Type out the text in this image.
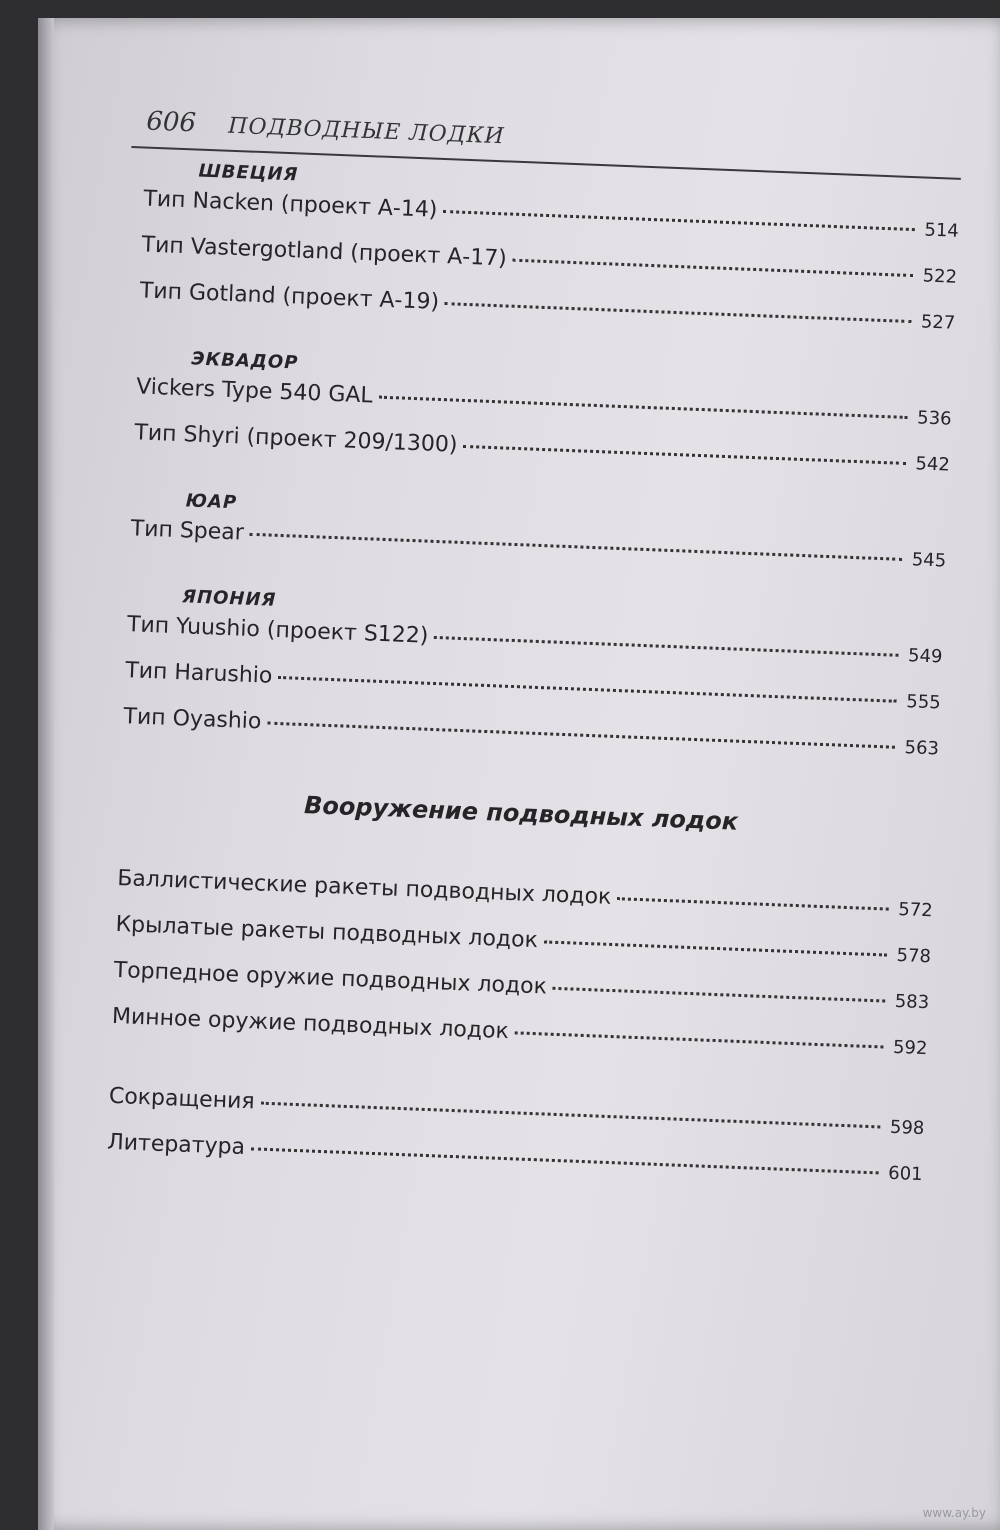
606 ПОДВОДНЫЕ ЛОДКИ
ШВЕЦИЯ
Тип Nacken (проект А-14)
514
Тип Vastergotland (проект А-17)
522
Тип Gotland (проект А-19)
527
ЭКВАДОР
Vickers Type 540 GAL
536
Тип Shyri (проект 209/1300)
542
ЮАР
Тип Spear
545
ЯПОНИЯ
Тип Yuushio (проект S122)
549
Тип Harushio
555
Тип Oyashio
563
Вооружение подводных лодок
Баллистические ракеты подводных лодок
572
Крылатые ракеты подводных лодок
578
Торпедное оружие подводных лодок
583
Минное оружие подводных лодок
592
Сокращения
598
Литература
601
www.ay.by
